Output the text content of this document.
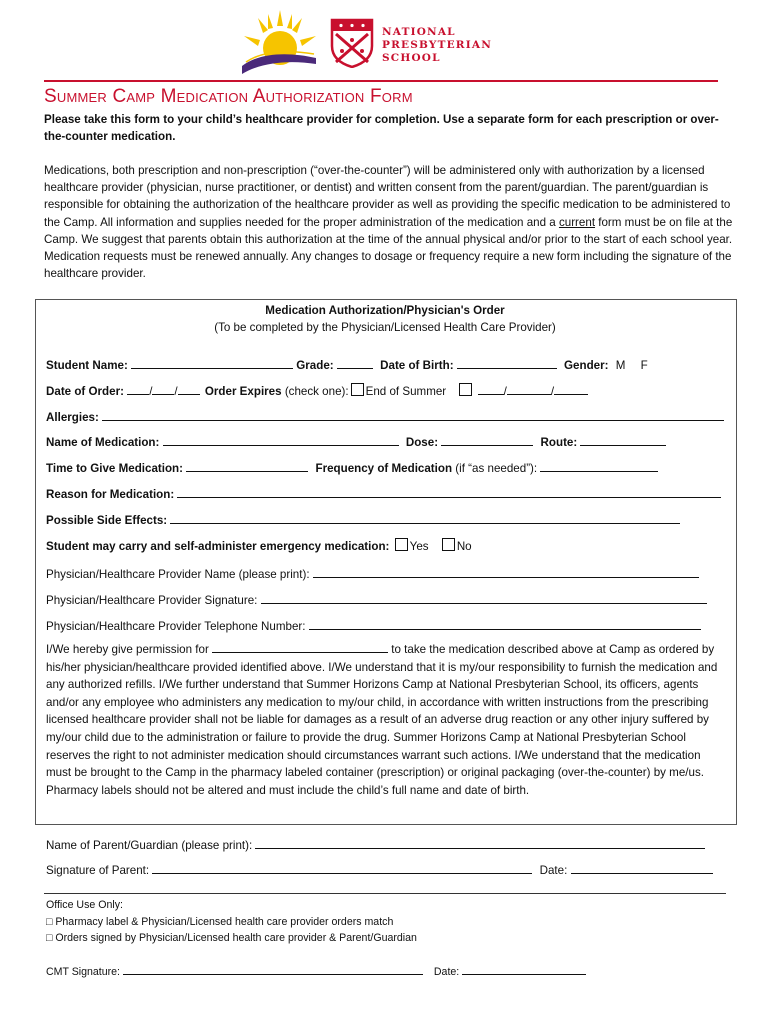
NATIONAL
PRESBYTERIAN
SCHOOL
Summer Camp Medication Authorization Form
Please take this form to your child’s healthcare provider for completion. Use a separate form for each prescription or over-the-counter medication.
Medications, both prescription and non-prescription (“over-the-counter”) will be administered only with authorization by a licensed healthcare provider (physician, nurse practitioner, or dentist) and written consent from the parent/guardian. The parent/guardian is responsible for obtaining the authorization of the healthcare provider as well as providing the specific medication to be administered to the Camp. All information and supplies needed for the proper administration of the medication and a current form must be on file at the Camp. We suggest that parents obtain this authorization at the time of the annual physical and/or prior to the start of each school year. Medication requests must be renewed annually. Any changes to dosage or frequency require a new form including the signature of the healthcare provider.
Medication Authorization/Physician's Order
(To be completed by the Physician/Licensed Health Care Provider)
Student Name:	Grade:	Date of Birth:	Gender: M F
Date of Order: / / Order Expires (check one): End of Summer	/	/
Allergies:
Name of Medication:	Dose:	Route:
Time to Give Medication:	Frequency of Medication (if “as needed”):
Reason for Medication:
Possible Side Effects:
Student may carry and self-administer emergency medication: Yes No
Physician/Healthcare Provider Name (please print):
Physician/Healthcare Provider Signature:
Physician/Healthcare Provider Telephone Number:
I/We hereby give permission for	to take the medication described above at Camp as ordered by his/her physician/healthcare provided identified above. I/We understand that it is my/our responsibility to furnish the medication and any authorized refills. I/We further understand that Summer Horizons Camp at National Presbyterian School, its officers, agents and/or any employee who administers any medication to my/our child, in accordance with written instructions from the prescribing licensed healthcare provider shall not be liable for damages as a result of an adverse drug reaction or any other injury suffered by my/our child due to the administration or failure to provide the drug. Summer Horizons Camp at National Presbyterian School reserves the right to not administer medication should circumstances warrant such actions. I/We understand that the medication must be brought to the Camp in the pharmacy labeled container (prescription) or original packaging (over-the-counter) by me/us. Pharmacy labels should not be altered and must include the child’s full name and date of birth.
Name of Parent/Guardian (please print):
Signature of Parent:	Date:
Office Use Only:
□ Pharmacy label & Physician/Licensed health care provider orders match
□ Orders signed by Physician/Licensed health care provider & Parent/Guardian
CMT Signature:	Date:
